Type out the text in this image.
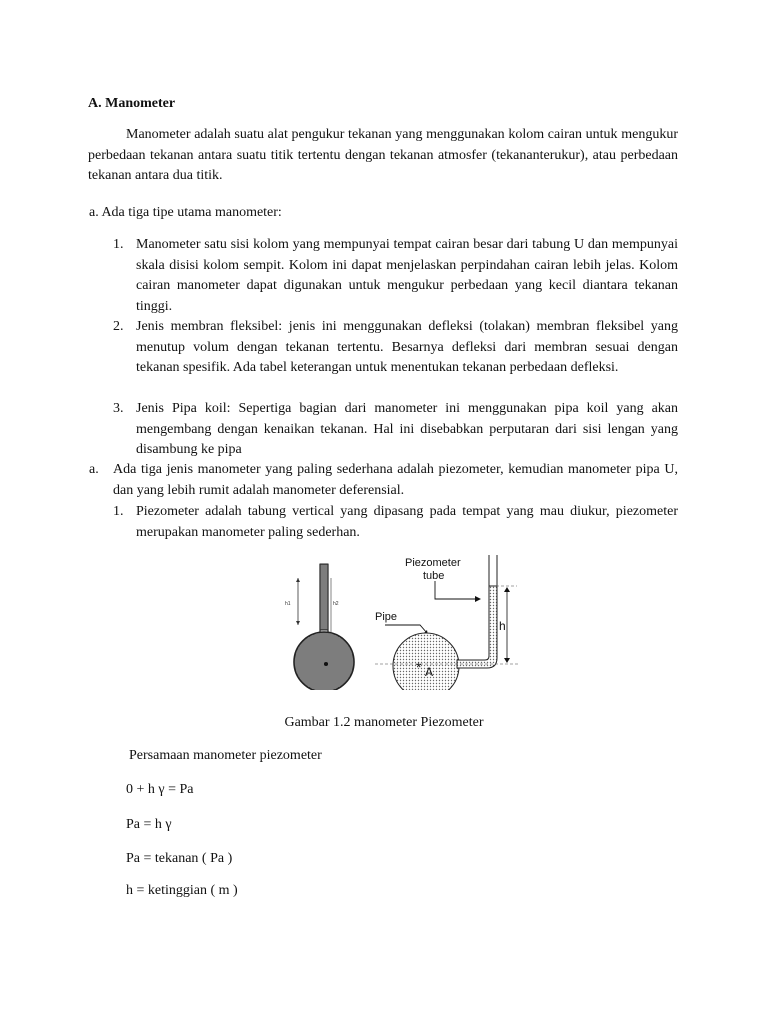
A. Manometer
Manometer adalah suatu alat pengukur tekanan yang menggunakan kolom cairan untuk mengukur perbedaan tekanan antara suatu titik tertentu dengan tekanan atmosfer (tekananterukur), atau perbedaan tekanan antara dua titik.
a. Ada tiga tipe utama manometer:
1. Manometer satu sisi kolom yang mempunyai tempat cairan besar dari tabung U dan mempunyai skala disisi kolom sempit. Kolom ini dapat menjelaskan perpindahan cairan lebih jelas. Kolom cairan manometer dapat digunakan untuk mengukur perbedaan yang kecil diantara tekanan tinggi.
2. Jenis membran fleksibel: jenis ini menggunakan defleksi (tolakan) membran fleksibel yang menutup volum dengan tekanan tertentu. Besarnya defleksi dari membran sesuai dengan tekanan spesifik. Ada tabel keterangan untuk menentukan tekanan perbedaan defleksi.
3. Jenis Pipa koil: Sepertiga bagian dari manometer ini menggunakan pipa koil yang akan mengembang dengan kenaikan tekanan. Hal ini disebabkan perputaran dari sisi lengan yang disambung ke pipa
a. Ada tiga jenis manometer yang paling sederhana adalah piezometer, kemudian manometer pipa U, dan yang lebih rumit adalah manometer deferensial.
1. Piezometer adalah tabung vertical yang dipasang pada tempat yang mau diukur, piezometer merupakan manometer paling sederhan.
h1	h2
Piezometer
tube
Pipe
h
* A
Gambar 1.2 manometer Piezometer
Persamaan manometer piezometer
0 + h γ = Pa
Pa = h γ
Pa = tekanan ( Pa )
h = ketinggian ( m )
